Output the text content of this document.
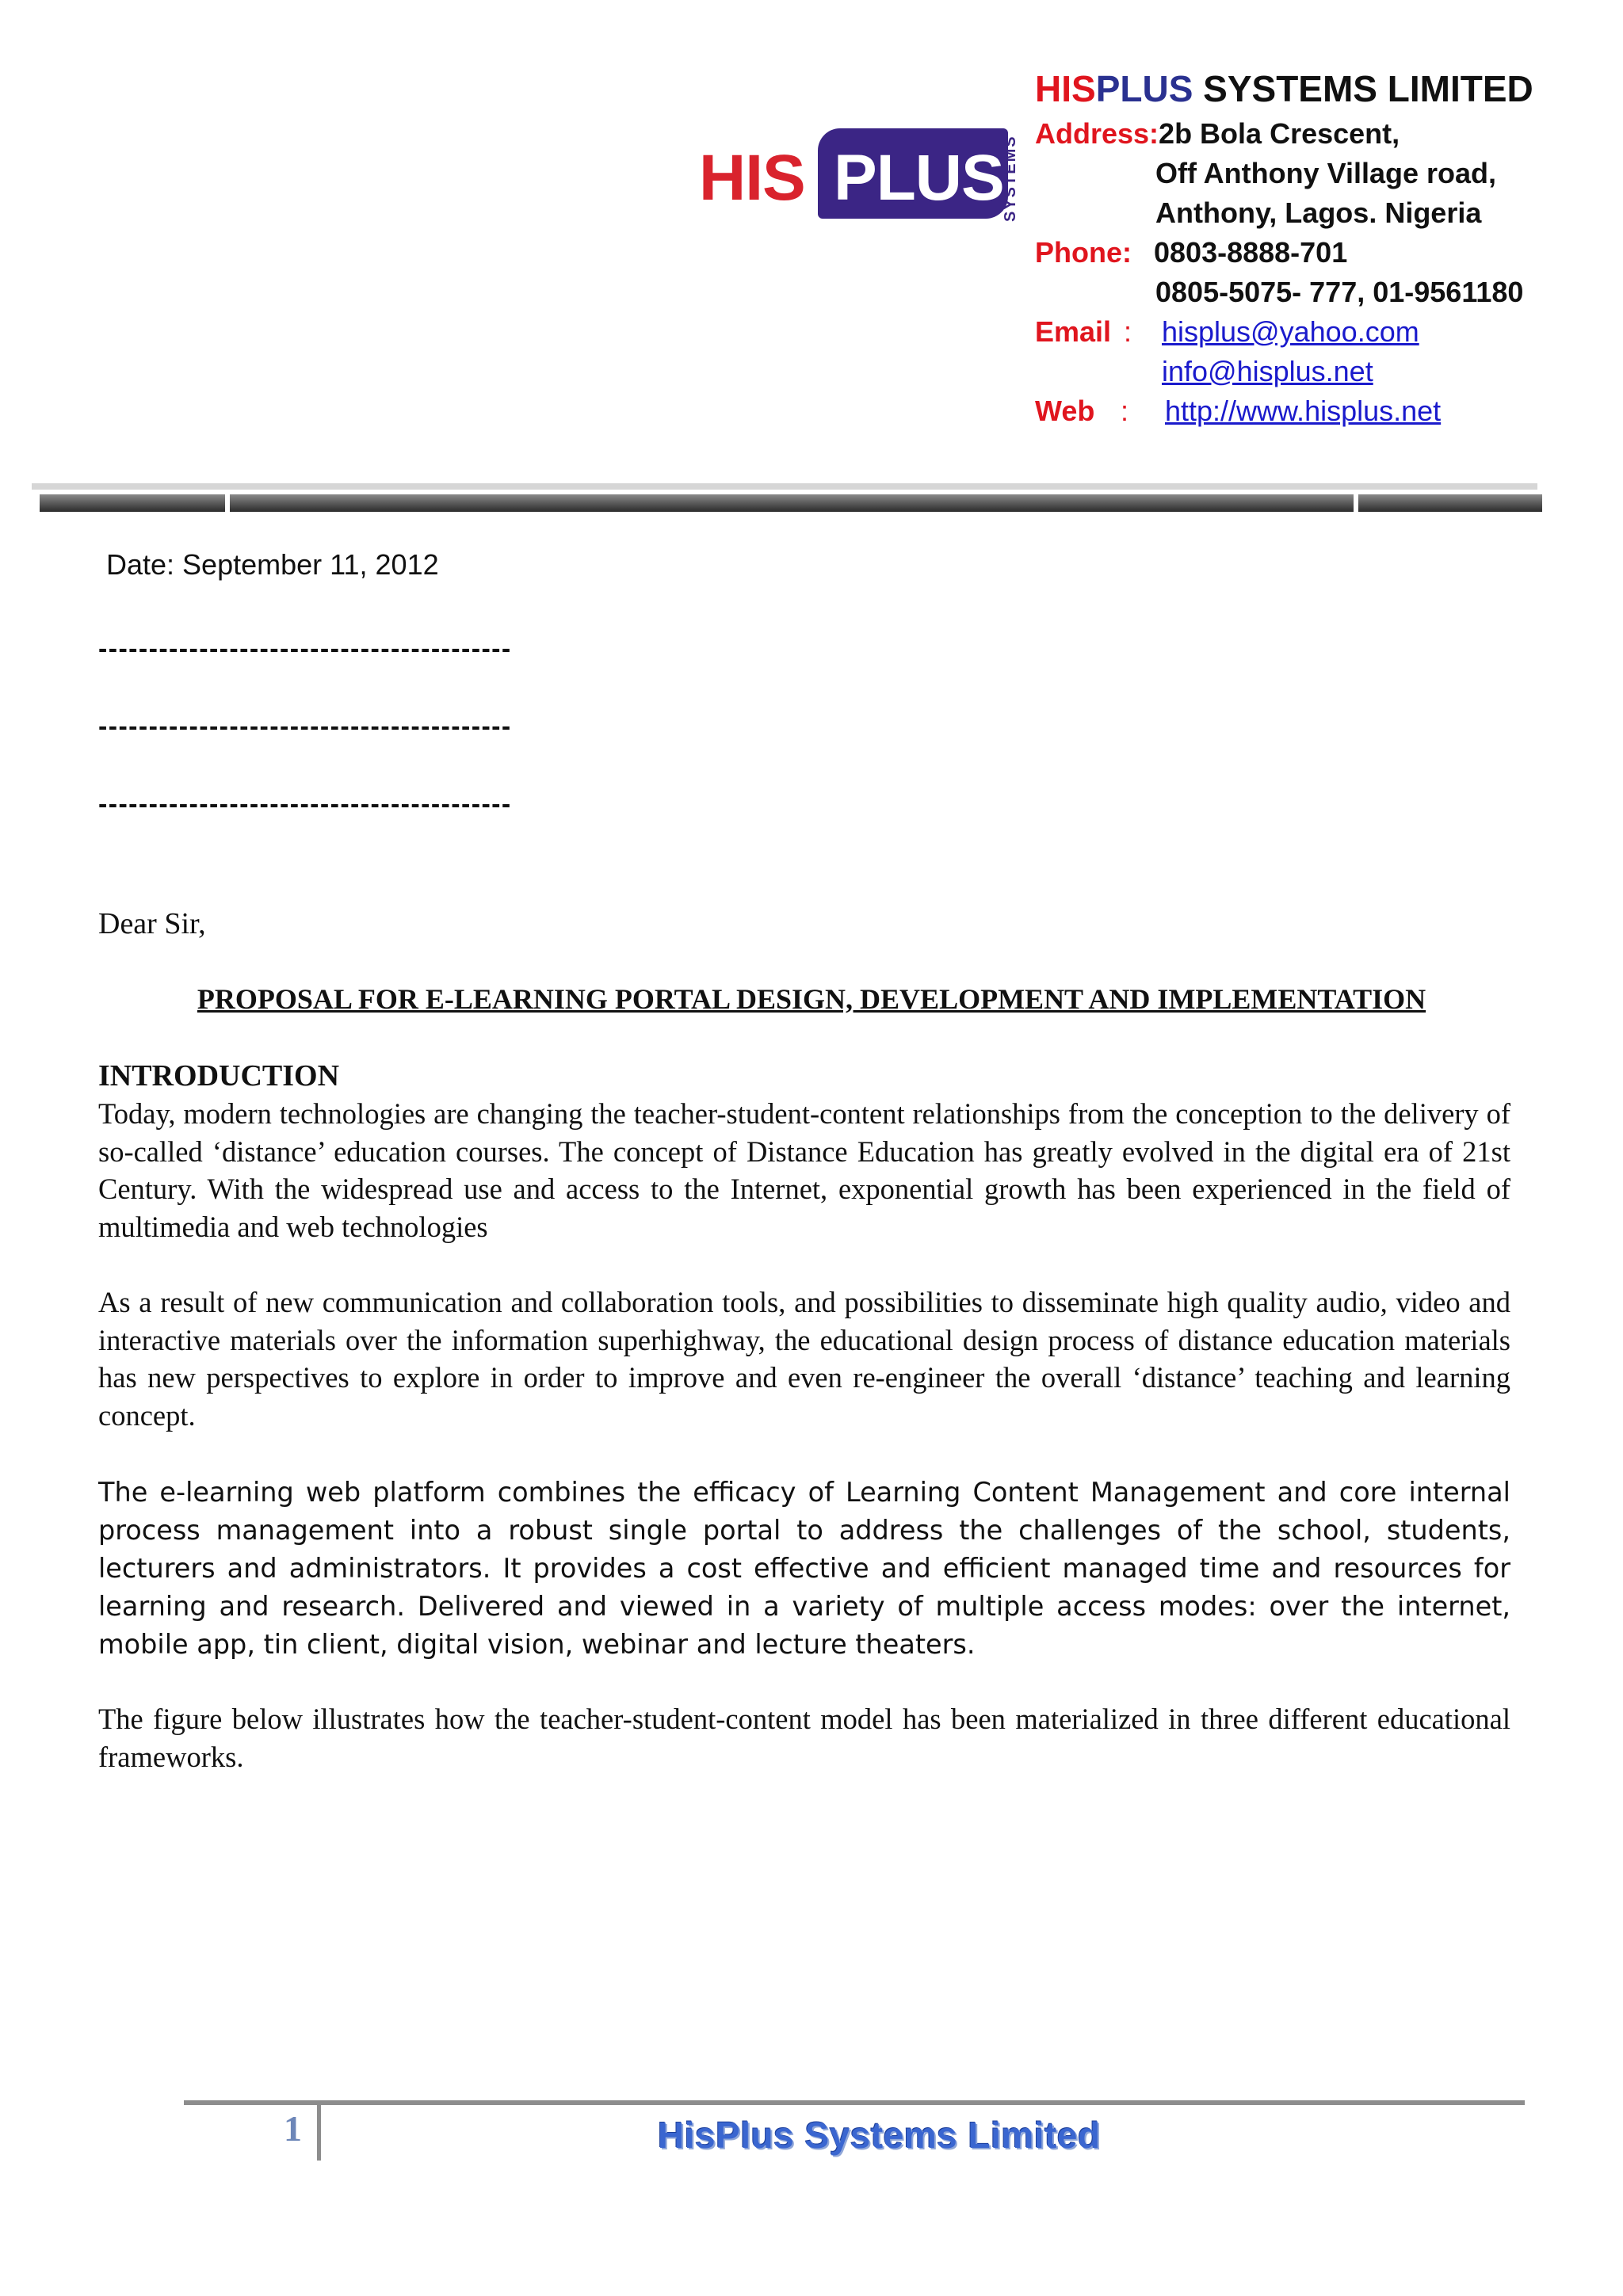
HIS PLUS
SYSTEMS
HISPLUS SYSTEMS LIMITED
Address:2b Bola Crescent,
Off Anthony Village road,
Anthony, Lagos. Nigeria
Phone: 0803-8888-701
0805-5075- 777, 01-9561180
Email : hisplus@yahoo.com
info@hisplus.net
Web : http://www.hisplus.net
Date: September 11, 2012
-----------------------------------------
-----------------------------------------
-----------------------------------------
Dear Sir,
PROPOSAL FOR E-LEARNING PORTAL DESIGN, DEVELOPMENT AND IMPLEMENTATION
INTRODUCTION

Today, modern technologies are changing the teacher-student-content relationships from the conception to the delivery of so-called ‘distance’ education courses. The concept of Distance Education has greatly evolved in the digital era of 21st Century. With the widespread use and access to the Internet, exponential growth has been experienced in the field of multimedia and web technologies

As a result of new communication and collaboration tools, and possibilities to disseminate high quality audio, video and interactive materials over the information superhighway, the educational design process of distance education materials has new perspectives to explore in order to improve and even re-engineer the overall ‘distance’ teaching and learning concept.

The e-learning web platform combines the efficacy of Learning Content Management and core internal process management into a robust single portal to address the challenges of the school, students, lecturers and administrators. It provides a cost effective and efficient managed time and resources for learning and research. Delivered and viewed in a variety of multiple access modes: over the internet, mobile app, tin client, digital vision, webinar and lecture theaters.

The figure below illustrates how the teacher-student-content model has been materialized in three different educational frameworks.

1	HisPlus Systems Limited
